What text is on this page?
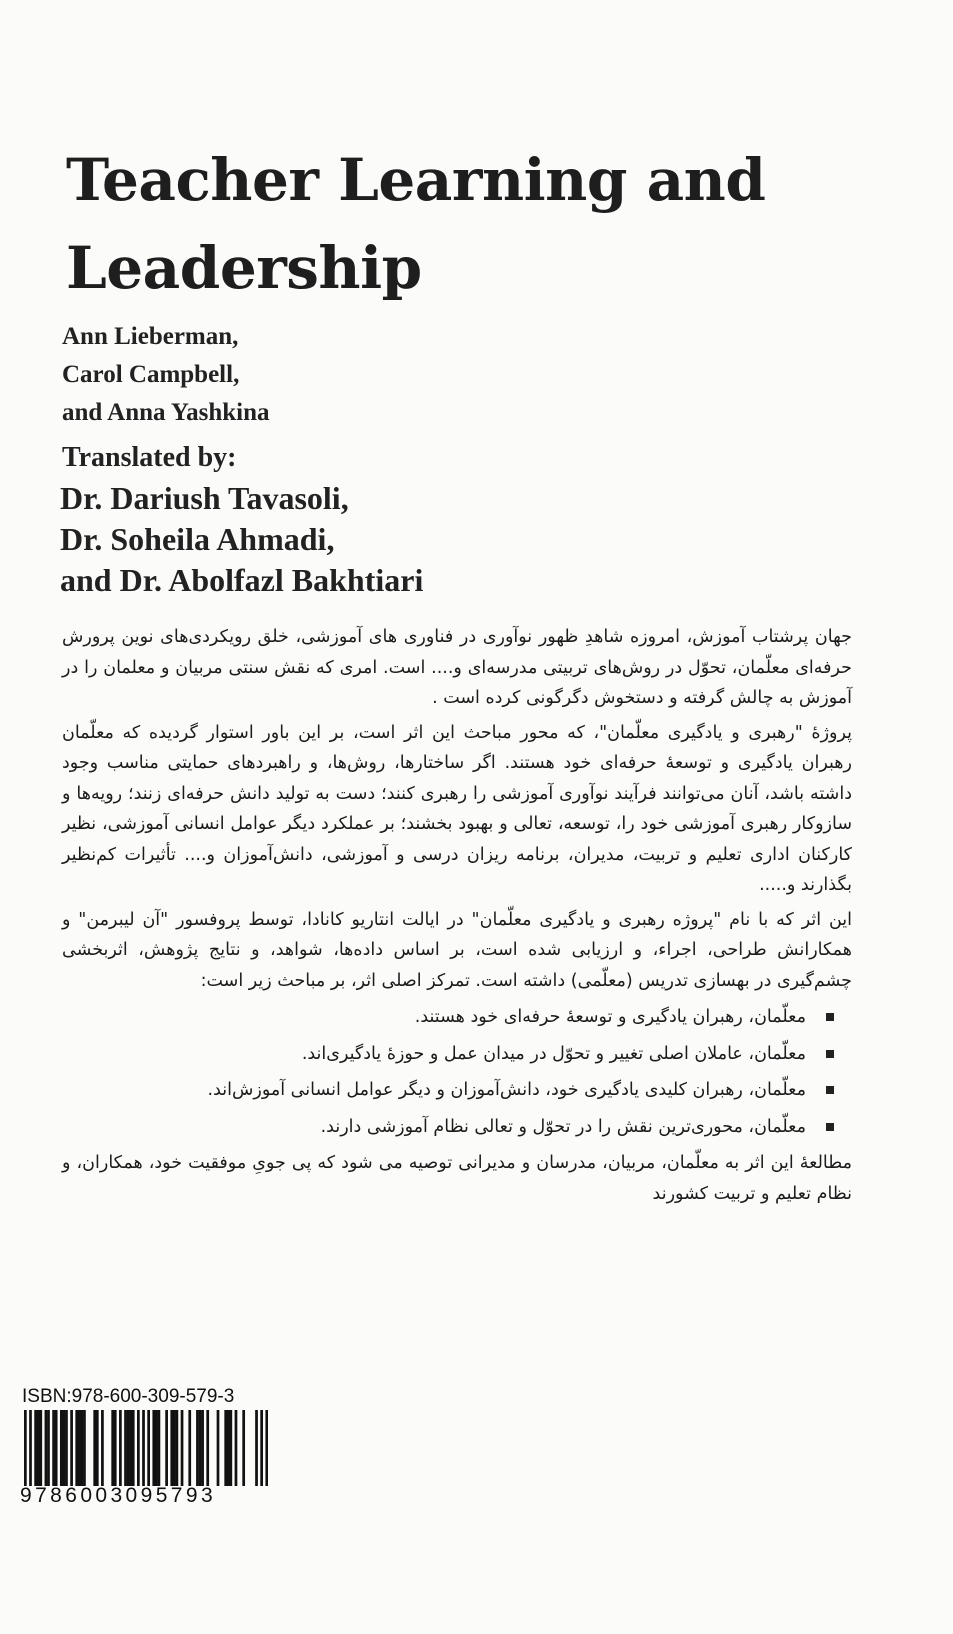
Teacher Learning and
Leadership
Ann Lieberman,
Carol Campbell,
and Anna Yashkina
Translated by:
Dr. Dariush Tavasoli,
Dr. Soheila Ahmadi,
and Dr. Abolfazl Bakhtiari

جهان پرشتاب آموزش، امروزه شاهدِ ظهور نوآوری در فناوری های آموزشی، خلق رویکردی‌های نوین پرورش حرفه‌ای معلّمان، تحوّل در روش‌های تربیتی مدرسه‌ای و.... است. امری که نقش سنتی مربیان و معلمان را در آموزش به چالش گرفته و دستخوش دگرگونی کرده است .

پروژۀ "رهبری و یادگیری معلّمان"، که محور مباحث این اثر است، بر این باور استوار گردیده که معلّمان رهبران یادگیری و توسعۀ حرفه‌ای خود هستند. اگر ساختارها، روش‌ها، و راهبردهای حمایتی مناسب وجود داشته باشد، آنان می‌توانند فرآیند نوآوری آموزشی را رهبری کنند؛ دست به تولید دانش حرفه‌ای زنند؛ رویه‌ها و سازوکار رهبری آموزشی خود را، توسعه، تعالی و بهبود بخشند؛ بر عملکرد دیگر عوامل انسانی آموزشی، نظیر کارکنان اداری تعلیم و تربیت، مدیران، برنامه ریزان درسی و آموزشی، دانش‌آموزان و.... تأثیرات کم‌نظیر بگذارند و.....

این اثر که با نام "پروژه رهبری و یادگیری معلّمان" در ایالت انتاریو کانادا، توسط پروفسور "آن لیبرمن" و همکارانش طراحی، اجراء، و ارزیابی شده است، بر اساس داده‌ها، شواهد، و نتایج پژوهش، اثربخشی چشم‌گیری در بهسازی تدریس (معلّمی) داشته است. تمرکز اصلی اثر، بر مباحث زیر است:

معلّمان، رهبران یادگیری و توسعۀ حرفه‌ای خود هستند.
معلّمان، عاملان اصلی تغییر و تحوّل در میدان عمل و حوزۀ یادگیری‌اند.
معلّمان، رهبران کلیدی یادگیری خود، دانش‌آموزان و دیگر عوامل انسانی آموزش‌اند.
معلّمان، محوری‌ترین نقش را در تحوّل و تعالی نظام آموزشی دارند.

مطالعۀ این اثر به معلّمان، مربیان، مدرسان و مدیرانی توصیه می شود که پی جویِ موفقیت خود، همکاران، و نظام تعلیم و تربیت کشورند

ISBN:978-600-309-579-3
9786003095793
